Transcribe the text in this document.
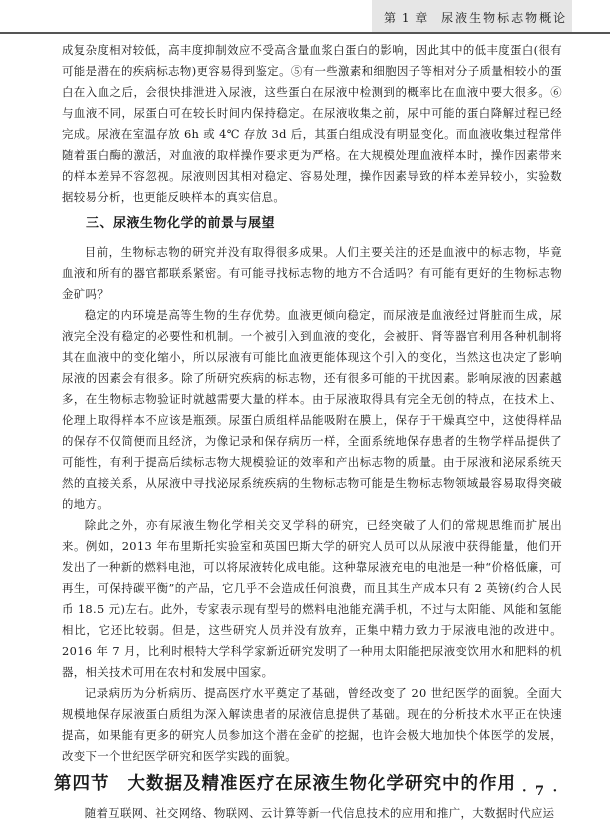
第 1 章 尿液生物标志物概论

成复杂度相对较低，高丰度抑制效应不受高含量血浆白蛋白的影响，因此其中的低丰度蛋白(很有可能是潜在的疾病标志物)更容易得到鉴定。⑤有一些激素和细胞因子等相对分子质量相较小的蛋白在入血之后，会很快排泄进入尿液，这些蛋白在尿液中检测到的概率比在血液中要大很多。⑥与血液不同，尿蛋白可在较长时间内保持稳定。在尿液收集之前，尿中可能的蛋白降解过程已经完成。尿液在室温存放 6h 或 4℃ 存放 3d 后，其蛋白组成没有明显变化。而血液收集过程常伴随着蛋白酶的激活，对血液的取样操作要求更为严格。在大规模处理血液样本时，操作因素带来的样本差异不容忽视。尿液则因其相对稳定、容易处理，操作因素导致的样本差异较小，实验数据较易分析，也更能反映样本的真实信息。

三、尿液生物化学的前景与展望

目前，生物标志物的研究并没有取得很多成果。人们主要关注的还是血液中的标志物，毕竟血液和所有的器官都联系紧密。有可能寻找标志物的地方不合适吗？有可能有更好的生物标志物金矿吗？

稳定的内环境是高等生物的生存优势。血液更倾向稳定，而尿液是血液经过肾脏而生成，尿液完全没有稳定的必要性和机制。一个被引入到血液的变化，会被肝、肾等器官利用各种机制将其在血液中的变化缩小，所以尿液有可能比血液更能体现这个引入的变化，当然这也决定了影响尿液的因素会有很多。除了所研究疾病的标志物，还有很多可能的干扰因素。影响尿液的因素越多，在生物标志物验证时就越需要大量的样本。由于尿液取得具有完全无创的特点，在技术上、伦理上取得样本不应该是瓶颈。尿蛋白质组样品能吸附在膜上，保存于干燥真空中，这使得样品的保存不仅简便而且经济，为像记录和保存病历一样，全面系统地保存患者的生物学样品提供了可能性，有利于提高后续标志物大规模验证的效率和产出标志物的质量。由于尿液和泌尿系统天然的直接关系，从尿液中寻找泌尿系统疾病的生物标志物可能是生物标志物领域最容易取得突破的地方。

除此之外，亦有尿液生物化学相关交叉学科的研究，已经突破了人们的常规思维而扩展出来。例如，2013 年布里斯托实验室和英国巴斯大学的研究人员可以从尿液中获得能量，他们开发出了一种新的燃料电池，可以将尿液转化成电能。这种靠尿液充电的电池是一种“价格低廉，可再生，可保持碳平衡”的产品，它几乎不会造成任何浪费，而且其生产成本只有 2 英镑(约合人民币 18.5 元)左右。此外，专家表示现有型号的燃料电池能充满手机，不过与太阳能、风能和氢能相比，它还比较弱。但是，这些研究人员并没有放弃，正集中精力致力于尿液电池的改进中。2016 年 7 月，比利时根特大学科学家新近研究发明了一种用太阳能把尿液变饮用水和肥料的机器，相关技术可用在农村和发展中国家。

记录病历为分析病历、提高医疗水平奠定了基础，曾经改变了 20 世纪医学的面貌。全面大规模地保存尿液蛋白质组为深入解读患者的尿液信息提供了基础。现在的分析技术水平正在快速提高，如果能有更多的研究人员参加这个潜在金矿的挖掘，也许会极大地加快个体医学的发展，改变下一个世纪医学研究和医学实践的面貌。

第四节 大数据及精准医疗在尿液生物化学研究中的作用

随着互联网、社交网络、物联网、云计算等新一代信息技术的应用和推广，大数据时代应运

· 7 ·
